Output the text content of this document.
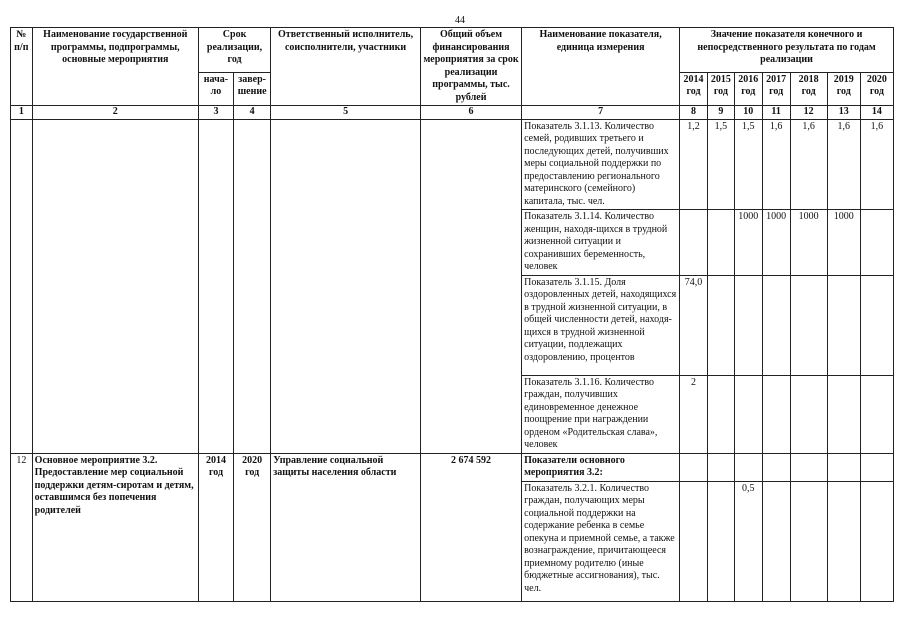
44
№ п/п	Наименование государственной программы, подпрограммы, основные мероприятия	Срок реализации, год		Ответственный исполнитель, соисполнители, участники	Общий объем финансирования мероприятия за срок реализации программы, тыс. рублей	Наименование показателя, единица измерения	Значение показателя конечного и непосредственного результата по годам реализации						
		нача-ло	завер-шение				2014 год	2015 год	2016 год	2017 год	2018 год	2019 год	2020 год
1	2	3	4	5	6	7	8	9	10	11	12	13	14
						Показатель 3.1.13. Количество семей, родивших третьего и последующих детей, получивших меры социальной поддержки по предоставлению регионального материнского (семейного) капитала, тыс. чел.	1,2	1,5	1,5	1,6	1,6	1,6	1,6
						Показатель 3.1.14. Количество женщин, находя-щихся в трудной жизненной ситуации и сохранивших беременность, человек			1000	1000	1000	1000	
						Показатель 3.1.15. Доля оздоровленных детей, находящихся в трудной жизненной ситуации, в общей численности детей, находя-щихся в трудной жизненной ситуации, подлежащих оздоровлению, процентов	74,0						
						Показатель 3.1.16. Количество граждан, получивших единовременное денежное поощрение при награждении орденом «Родительская слава», человек	2						
12	Основное мероприятие 3.2. Предоставление мер социальной поддержки детям-сиротам и детям, оставшимся без попечения родителей	2014 год	2020 год	Управление социальной защиты населения области	2 674 592	Показатели основного мероприятия 3.2:							
						Показатель 3.2.1. Количество граждан, получающих меры социальной поддержки на содержание ребенка в семье опекуна и приемной семье, а также вознаграждение, причитающееся приемному родителю (иные бюджетные ассигнования), тыс. чел.			0,5				
